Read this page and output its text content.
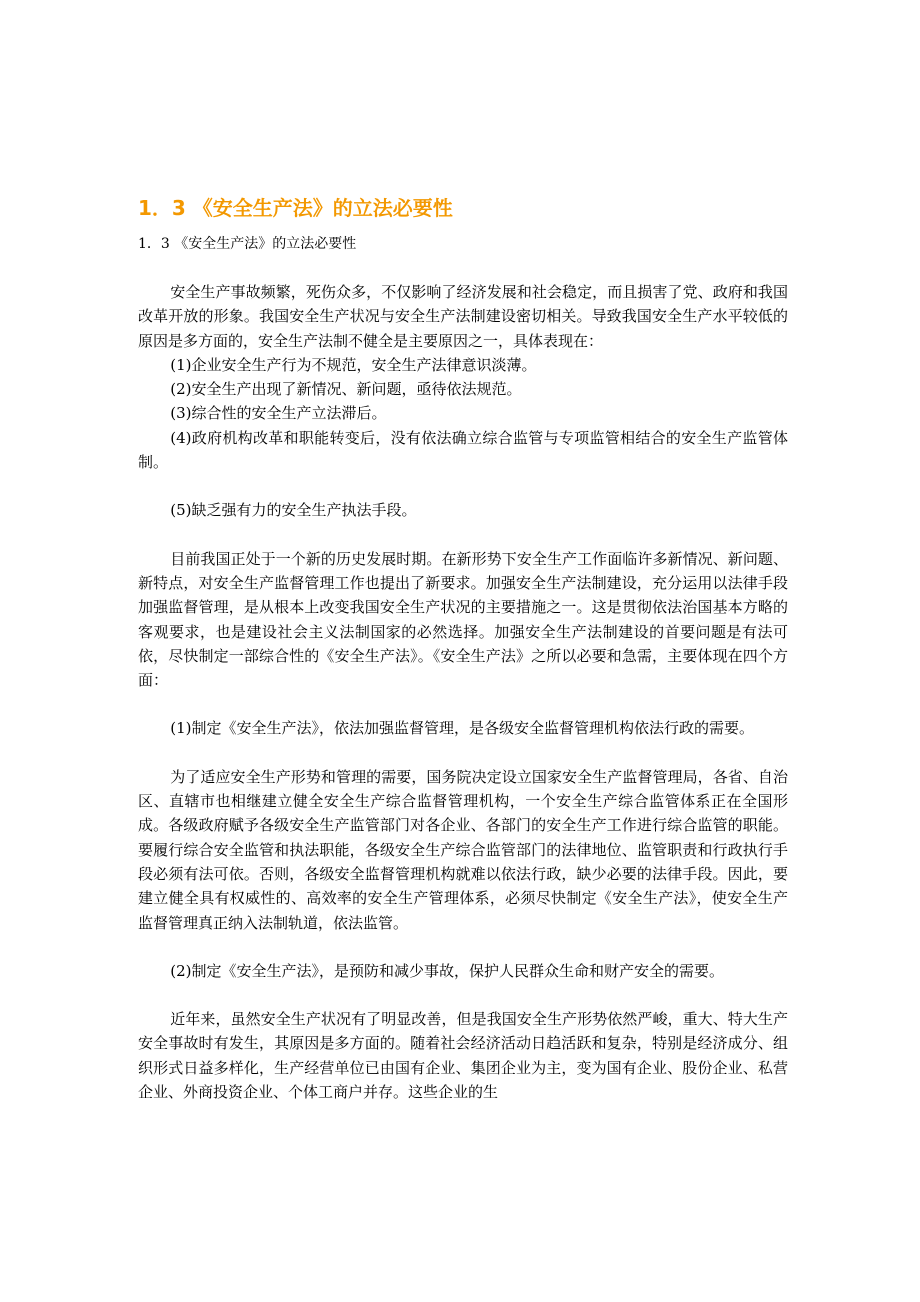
1．3 《安全生产法》的立法必要性
1．3 《安全生产法》的立法必要性

安全生产事故频繁，死伤众多，不仅影响了经济发展和社会稳定，而且损害了党、政府和我国改革开放的形象。我国安全生产状况与安全生产法制建设密切相关。导致我国安全生产水平较低的原因是多方面的，安全生产法制不健全是主要原因之一，具体表现在：

(1)企业安全生产行为不规范，安全生产法律意识淡薄。

(2)安全生产出现了新情况、新问题，亟待依法规范。

(3)综合性的安全生产立法滞后。

(4)政府机构改革和职能转变后，没有依法确立综合监管与专项监管相结合的安全生产监管体制。

(5)缺乏强有力的安全生产执法手段。

目前我国正处于一个新的历史发展时期。在新形势下安全生产工作面临许多新情况、新问题、新特点，对安全生产监督管理工作也提出了新要求。加强安全生产法制建设，充分运用以法律手段加强监督管理，是从根本上改变我国安全生产状况的主要措施之一。这是贯彻依法治国基本方略的客观要求，也是建设社会主义法制国家的必然选择。加强安全生产法制建设的首要问题是有法可依，尽快制定一部综合性的《安全生产法》。《安全生产法》之所以必要和急需，主要体现在四个方面：

(1)制定《安全生产法》，依法加强监督管理，是各级安全监督管理机构依法行政的需要。

为了适应安全生产形势和管理的需要，国务院决定设立国家安全生产监督管理局，各省、自治区、直辖市也相继建立健全安全生产综合监督管理机构，一个安全生产综合监管体系正在全国形成。各级政府赋予各级安全生产监管部门对各企业、各部门的安全生产工作进行综合监管的职能。要履行综合安全监管和执法职能，各级安全生产综合监管部门的法律地位、监管职责和行政执行手段必须有法可依。否则，各级安全监督管理机构就难以依法行政，缺少必要的法律手段。因此，要建立健全具有权威性的、高效率的安全生产管理体系，必须尽快制定《安全生产法》，使安全生产监督管理真正纳入法制轨道，依法监管。

(2)制定《安全生产法》，是预防和减少事故，保护人民群众生命和财产安全的需要。

近年来，虽然安全生产状况有了明显改善，但是我国安全生产形势依然严峻，重大、特大生产安全事故时有发生，其原因是多方面的。随着社会经济活动日趋活跃和复杂，特别是经济成分、组织形式日益多样化，生产经营单位已由国有企业、集团企业为主，变为国有企业、股份企业、私营企业、外商投资企业、个体工商户并存。这些企业的生
